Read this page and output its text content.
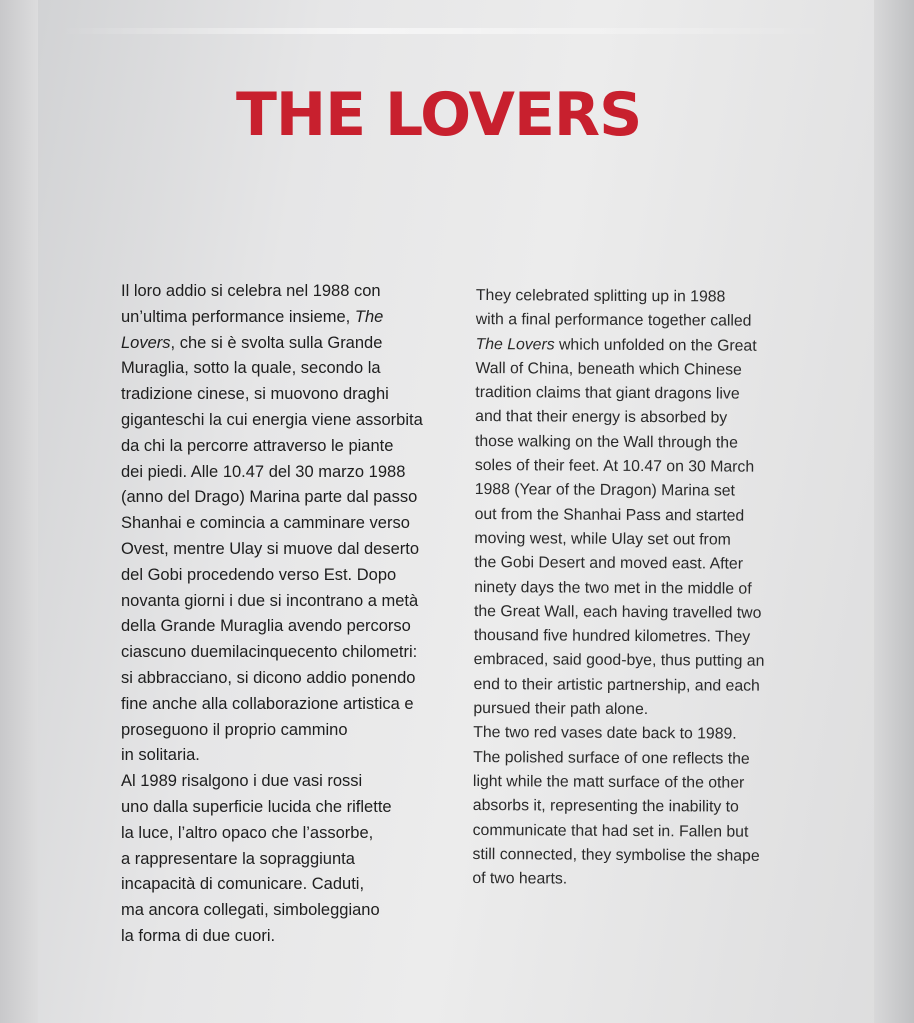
THE LOVERS
Il loro addio si celebra nel 1988 con
un’ultima performance insieme, The
Lovers, che si è svolta sulla Grande
Muraglia, sotto la quale, secondo la
tradizione cinese, si muovono draghi
giganteschi la cui energia viene assorbita
da chi la percorre attraverso le piante
dei piedi. Alle 10.47 del 30 marzo 1988
(anno del Drago) Marina parte dal passo
Shanhai e comincia a camminare verso
Ovest, mentre Ulay si muove dal deserto
del Gobi procedendo verso Est. Dopo
novanta giorni i due si incontrano a metà
della Grande Muraglia avendo percorso
ciascuno duemilacinquecento chilometri:
si abbracciano, si dicono addio ponendo
fine anche alla collaborazione artistica e
proseguono il proprio cammino
in solitaria.
Al 1989 risalgono i due vasi rossi
uno dalla superficie lucida che riflette
la luce, l’altro opaco che l’assorbe,
a rappresentare la sopraggiunta
incapacità di comunicare. Caduti,
ma ancora collegati, simboleggiano
la forma di due cuori.
They celebrated splitting up in 1988
with a final performance together called
The Lovers which unfolded on the Great
Wall of China, beneath which Chinese
tradition claims that giant dragons live
and that their energy is absorbed by
those walking on the Wall through the
soles of their feet. At 10.47 on 30 March
1988 (Year of the Dragon) Marina set
out from the Shanhai Pass and started
moving west, while Ulay set out from
the Gobi Desert and moved east. After
ninety days the two met in the middle of
the Great Wall, each having travelled two
thousand five hundred kilometres. They
embraced, said good-bye, thus putting an
end to their artistic partnership, and each
pursued their path alone.
The two red vases date back to 1989.
The polished surface of one reflects the
light while the matt surface of the other
absorbs it, representing the inability to
communicate that had set in. Fallen but
still connected, they symbolise the shape
of two hearts.
